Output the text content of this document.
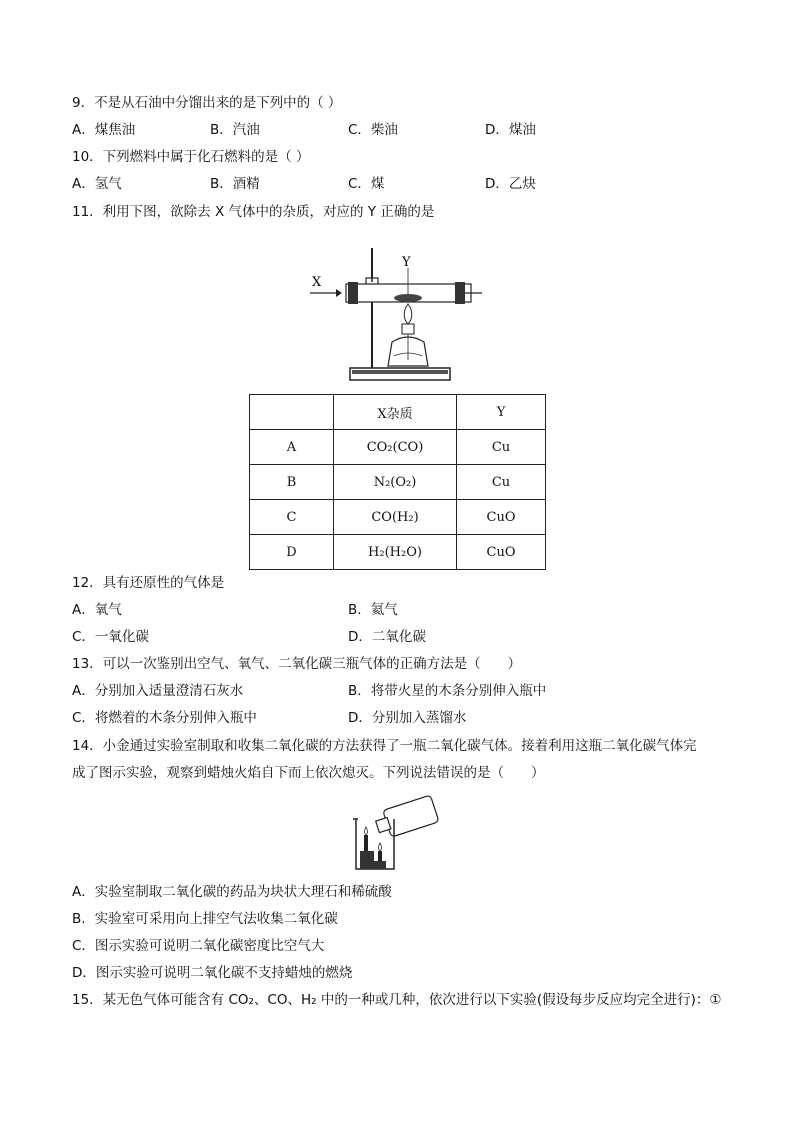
9．不是从石油中分馏出来的是下列中的（ ）
A．煤焦油	B．汽油	C．柴油	D．煤油
10．下列燃料中属于化石燃料的是（ ）
A．氢气	B．酒精	C．煤	D．乙炔
11．利用下图，欲除去 X 气体中的杂质，对应的 Y 正确的是
X
Y
	X杂质	Y
A	CO₂(CO)	Cu
B	N₂(O₂)	Cu
C	CO(H₂)	CuO
D	H₂(H₂O)	CuO
12．具有还原性的气体是
A．氧气	B．氦气
C．一氧化碳	D．二氧化碳
13．可以一次鉴别出空气、氧气、二氧化碳三瓶气体的正确方法是（　　）
A．分别加入适量澄清石灰水	B．将带火星的木条分别伸入瓶中
C．将燃着的木条分别伸入瓶中	D．分别加入蒸馏水
14．小金通过实验室制取和收集二氧化碳的方法获得了一瓶二氧化碳气体。接着利用这瓶二氧化碳气体完
成了图示实验，观察到蜡烛火焰自下而上依次熄灭。下列说法错误的是（　　）
A．实验室制取二氧化碳的药品为块状大理石和稀硫酸
B．实验室可采用向上排空气法收集二氧化碳
C．图示实验可说明二氧化碳密度比空气大
D．图示实验可说明二氧化碳不支持蜡烛的燃烧
15．某无色气体可能含有 CO₂、CO、H₂ 中的一种或几种，依次进行以下实验(假设每步反应均完全进行)：①
